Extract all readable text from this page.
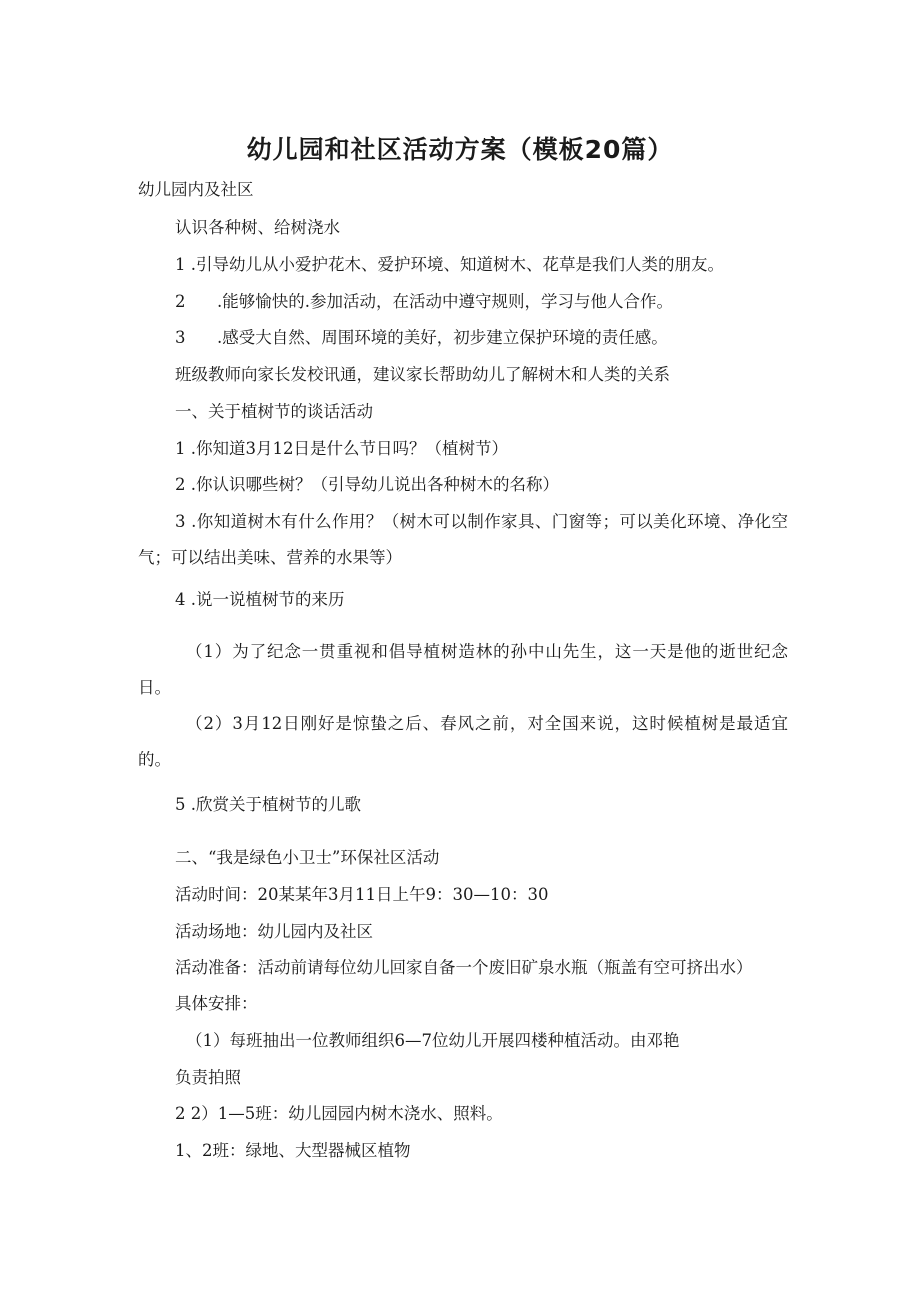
幼儿园和社区活动方案（模板20篇）
幼儿园内及社区
认识各种树、给树浇水
1 .引导幼儿从小爱护花木、爱护环境、知道树木、花草是我们人类的朋友。
2      .能够愉快的.参加活动，在活动中遵守规则，学习与他人合作。
3      .感受大自然、周围环境的美好，初步建立保护环境的责任感。
班级教师向家长发校讯通，建议家长帮助幼儿了解树木和人类的关系
一、关于植树节的谈话活动
1 .你知道3月12日是什么节日吗？（植树节）
2 .你认识哪些树？（引导幼儿说出各种树木的名称）
3 .你知道树木有什么作用？（树木可以制作家具、门窗等；可以美化环境、净化空气；可以结出美味、营养的水果等）
4 .说一说植树节的来历
（1）为了纪念一贯重视和倡导植树造林的孙中山先生，这一天是他的逝世纪念日。
（2）3月12日刚好是惊蛰之后、春风之前，对全国来说，这时候植树是最适宜的。
5 .欣赏关于植树节的儿歌
二、“我是绿色小卫士”环保社区活动
活动时间：20某某年3月11日上午9：30—10：30
活动场地：幼儿园内及社区
活动准备：活动前请每位幼儿回家自备一个废旧矿泉水瓶（瓶盖有空可挤出水）
具体安排：
（1）每班抽出一位教师组织6—7位幼儿开展四楼种植活动。由邓艳
负责拍照
2 2）1—5班：幼儿园园内树木浇水、照料。
1、2班：绿地、大型器械区植物
